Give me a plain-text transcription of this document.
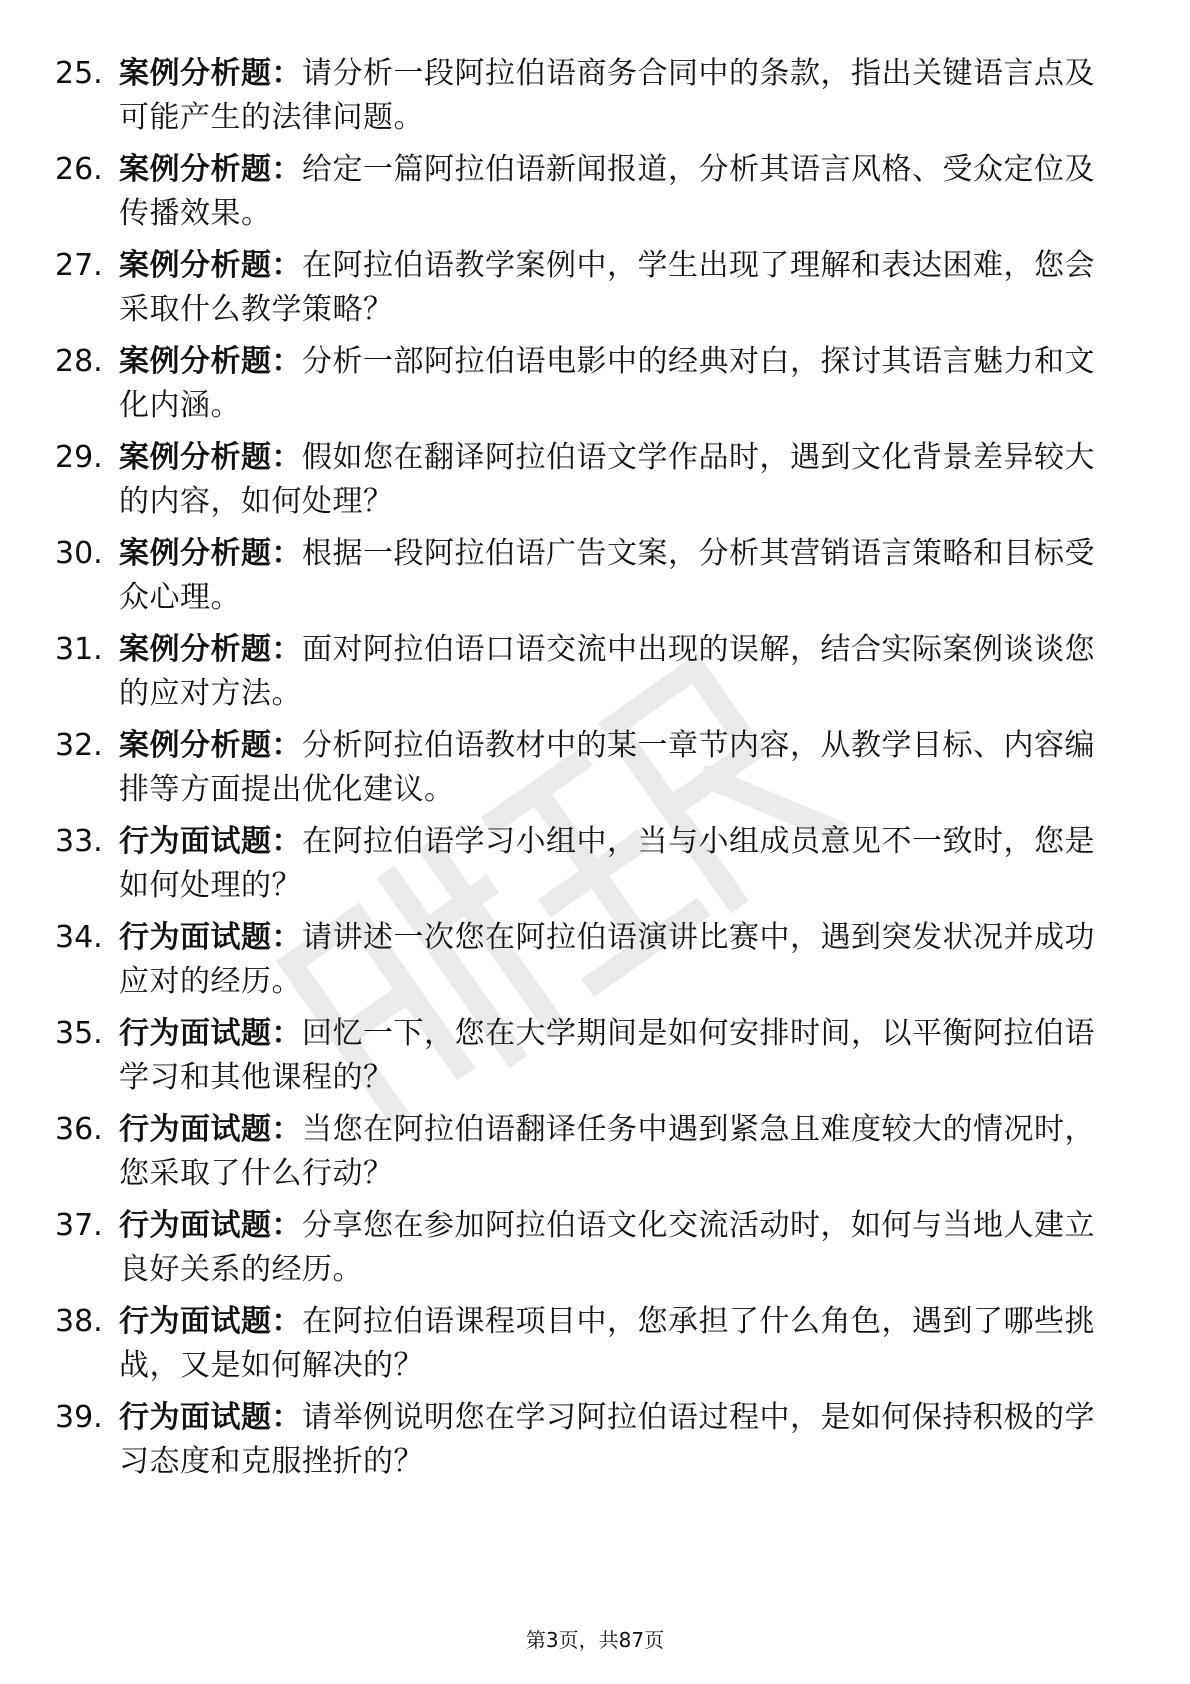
25. 案例分析题：请分析一段阿拉伯语商务合同中的条款，指出关键语言点及可能产生的法律问题。
26. 案例分析题：给定一篇阿拉伯语新闻报道，分析其语言风格、受众定位及传播效果。
27. 案例分析题：在阿拉伯语教学案例中，学生出现了理解和表达困难，您会采取什么教学策略？
28. 案例分析题：分析一部阿拉伯语电影中的经典对白，探讨其语言魅力和文化内涵。
29. 案例分析题：假如您在翻译阿拉伯语文学作品时，遇到文化背景差异较大的内容，如何处理？
30. 案例分析题：根据一段阿拉伯语广告文案，分析其营销语言策略和目标受众心理。
31. 案例分析题：面对阿拉伯语口语交流中出现的误解，结合实际案例谈谈您的应对方法。
32. 案例分析题：分析阿拉伯语教材中的某一章节内容，从教学目标、内容编排等方面提出优化建议。
33. 行为面试题：在阿拉伯语学习小组中，当与小组成员意见不一致时，您是如何处理的？
34. 行为面试题：请讲述一次您在阿拉伯语演讲比赛中，遇到突发状况并成功应对的经历。
35. 行为面试题：回忆一下，您在大学期间是如何安排时间，以平衡阿拉伯语学习和其他课程的？
36. 行为面试题：当您在阿拉伯语翻译任务中遇到紧急且难度较大的情况时，您采取了什么行动？
37. 行为面试题：分享您在参加阿拉伯语文化交流活动时，如何与当地人建立良好关系的经历。
38. 行为面试题：在阿拉伯语课程项目中，您承担了什么角色，遇到了哪些挑战，又是如何解决的？
39. 行为面试题：请举例说明您在学习阿拉伯语过程中，是如何保持积极的学习态度和克服挫折的？
第3页，共87页
